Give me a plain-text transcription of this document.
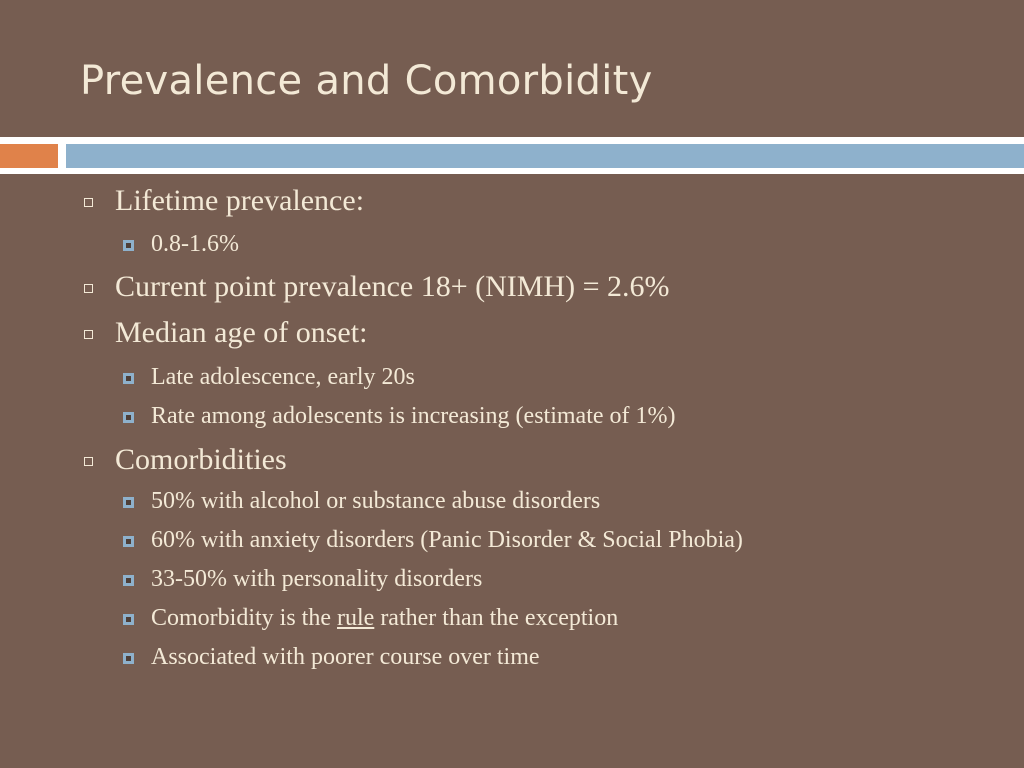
Prevalence and Comorbidity
Lifetime prevalence:
0.8-1.6%
Current point prevalence 18+ (NIMH) = 2.6%
Median age of onset:
Late adolescence, early 20s
Rate among adolescents is increasing (estimate of 1%)
Comorbidities
50% with alcohol or substance abuse disorders
60% with anxiety disorders (Panic Disorder & Social Phobia)
33-50% with personality disorders
Comorbidity is the rule rather than the exception
Associated with poorer course over time
